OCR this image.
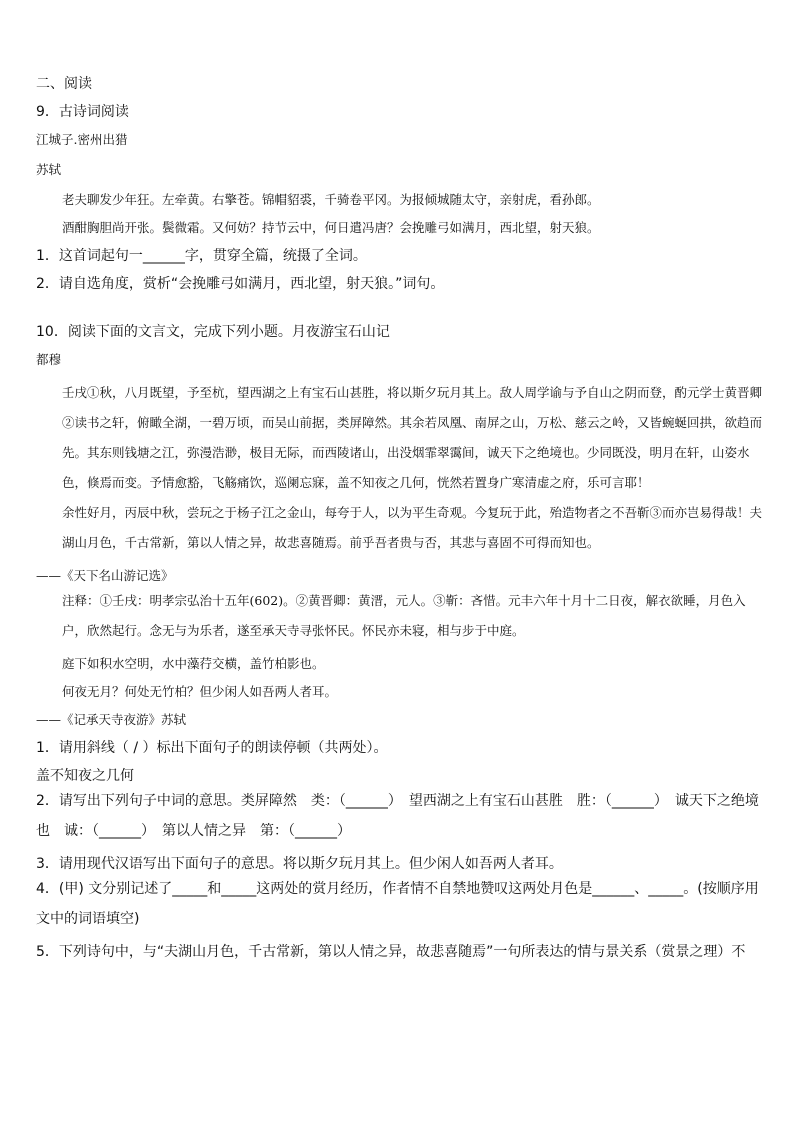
二、阅读
9．古诗词阅读
江城子.密州出猎
苏轼
老夫聊发少年狂。左牵黄。右擎苍。锦帽貂裘，千骑卷平冈。为报倾城随太守，亲射虎，看孙郎。
酒酣胸胆尚开张。鬓微霜。又何妨？持节云中，何日遣冯唐？会挽雕弓如满月，西北望，射天狼。
1．这首词起句一______字，贯穿全篇，统摄了全词。
2．请自选角度，赏析“会挽雕弓如满月，西北望，射天狼。”词句。
10．阅读下面的文言文，完成下列小题。月夜游宝石山记
都穆
壬戌①秋，八月既望，予至杭，望西湖之上有宝石山甚胜，将以斯夕玩月其上。敌人周学谕与予自山之阴而登，酌元学士黄晋卿②读书之轩，俯瞰全湖，一碧万顷，而吴山前据，类屏障然。其余若凤凰、南屏之山，万松、慈云之岭，又皆蜿蜒回拱，欲趋而先。其东则钱塘之江，弥漫浩渺，极目无际，而西陵诸山，出没烟霏翠霭间，诚天下之绝境也。少同既没，明月在轩，山姿水色，倏焉而变。予情愈豁，飞觞痛饮，巡阑忘寐，盖不知夜之几何，恍然若置身广寒清虚之府，乐可言耶！
余性好月，丙辰中秋，尝玩之于杨子江之金山，每夸于人，以为平生奇观。今复玩于此，殆造物者之不吾靳③而亦岂易得哉！夫湖山月色，千古常新，第以人情之异，故悲喜随焉。前乎吾者贵与否，其悲与喜固不可得而知也。
——《天下名山游记选》
注释：①壬戌：明孝宗弘治十五年(602)。②黄晋卿：黄溍，元人。③靳：吝惜。元丰六年十月十二日夜，解衣欲睡，月色入户，欣然起行。念无与为乐者，遂至承天寺寻张怀民。怀民亦未寝，相与步于中庭。
庭下如积水空明，水中藻荇交横，盖竹柏影也。
何夜无月？何处无竹柏？但少闲人如吾两人者耳。
——《记承天寺夜游》苏轼
1．请用斜线（ / ）标出下面句子的朗读停顿（共两处）。
盖不知夜之几何
2．请写出下列句子中词的意思。类屏障然　类：（______）　望西湖之上有宝石山甚胜　胜：（______）　诚天下之绝境也　诚：（______）　第以人情之异　第：（______）
3．请用现代汉语写出下面句子的意思。将以斯夕玩月其上。但少闲人如吾两人者耳。
4．(甲) 文分别记述了_____和_____这两处的赏月经历，作者情不自禁地赞叹这两处月色是______、_____。(按顺序用文中的词语填空)
5．下列诗句中，与“夫湖山月色，千古常新，第以人情之异，故悲喜随焉”一句所表达的情与景关系（赏景之理）不
